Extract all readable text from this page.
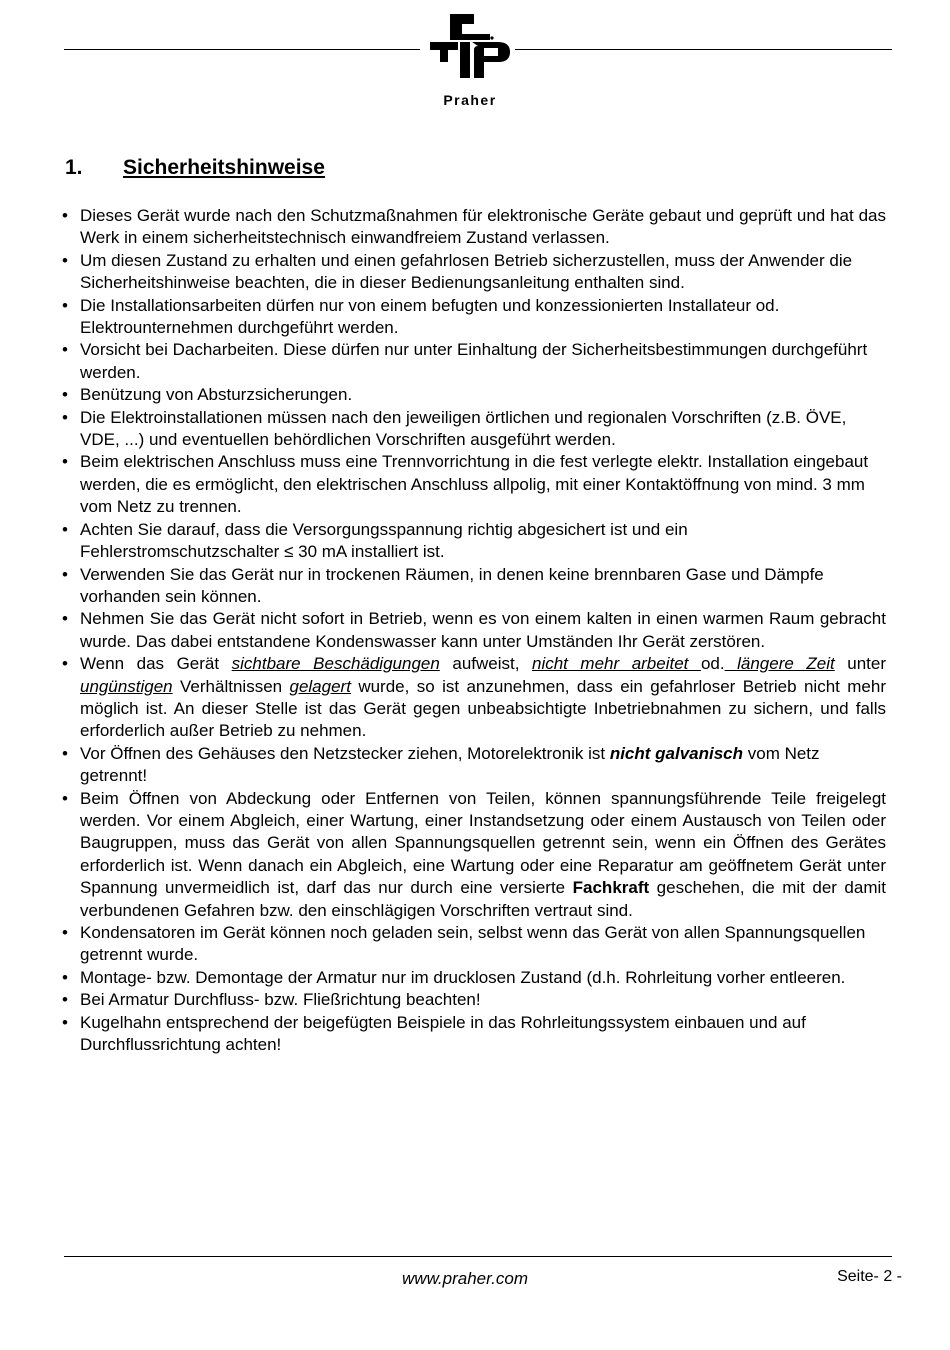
Praher
1. Sicherheitshinweise
• Dieses Gerät wurde nach den Schutzmaßnahmen für elektronische Geräte gebaut und geprüft und hat das Werk in einem sicherheitstechnisch einwandfreiem Zustand verlassen.
• Um diesen Zustand zu erhalten und einen gefahrlosen Betrieb sicherzustellen, muss der Anwender die Sicherheitshinweise beachten, die in dieser Bedienungsanleitung enthalten sind.
• Die Installationsarbeiten dürfen nur von einem befugten und konzessionierten Installateur od. Elektrounternehmen durchgeführt werden.
• Vorsicht bei Dacharbeiten. Diese dürfen nur unter Einhaltung der Sicherheitsbestimmungen durchgeführt werden.
• Benützung von Absturzsicherungen.
• Die Elektroinstallationen müssen nach den jeweiligen örtlichen und regionalen Vorschriften (z.B. ÖVE, VDE, ...) und eventuellen behördlichen Vorschriften ausgeführt werden.
• Beim elektrischen Anschluss muss eine Trennvorrichtung in die fest verlegte elektr. Installation eingebaut werden, die es ermöglicht, den elektrischen Anschluss allpolig, mit einer Kontaktöffnung von mind. 3 mm vom Netz zu trennen.
• Achten Sie darauf, dass die Versorgungsspannung richtig abgesichert ist und ein Fehlerstromschutzschalter ≤ 30 mA installiert ist.
• Verwenden Sie das Gerät nur in trockenen Räumen, in denen keine brennbaren Gase und Dämpfe vorhanden sein können.
• Nehmen Sie das Gerät nicht sofort in Betrieb, wenn es von einem kalten in einen warmen Raum gebracht wurde. Das dabei entstandene Kondenswasser kann unter Umständen Ihr Gerät zerstören.
• Wenn das Gerät sichtbare Beschädigungen aufweist, nicht mehr arbeitet od. längere Zeit unter ungünstigen Verhältnissen gelagert wurde, so ist anzunehmen, dass ein gefahrloser Betrieb nicht mehr möglich ist. An dieser Stelle ist das Gerät gegen unbeabsichtigte Inbetriebnahmen zu sichern, und falls erforderlich außer Betrieb zu nehmen.
• Vor Öffnen des Gehäuses den Netzstecker ziehen, Motorelektronik ist nicht galvanisch vom Netz getrennt!
• Beim Öffnen von Abdeckung oder Entfernen von Teilen, können spannungsführende Teile freigelegt werden. Vor einem Abgleich, einer Wartung, einer Instandsetzung oder einem Austausch von Teilen oder Baugruppen, muss das Gerät von allen Spannungsquellen getrennt sein, wenn ein Öffnen des Gerätes erforderlich ist. Wenn danach ein Abgleich, eine Wartung oder eine Reparatur am geöffnetem Gerät unter Spannung unvermeidlich ist, darf das nur durch eine versierte Fachkraft geschehen, die mit der damit verbundenen Gefahren bzw. den einschlägigen Vorschriften vertraut sind.
• Kondensatoren im Gerät können noch geladen sein, selbst wenn das Gerät von allen Spannungsquellen getrennt wurde.
• Montage- bzw. Demontage der Armatur nur im drucklosen Zustand (d.h. Rohrleitung vorher entleeren.
• Bei Armatur Durchfluss- bzw. Fließrichtung beachten!
• Kugelhahn entsprechend der beigefügten Beispiele in das Rohrleitungssystem einbauen und auf Durchflussrichtung achten!
www.praher.com	Seite- 2 -
